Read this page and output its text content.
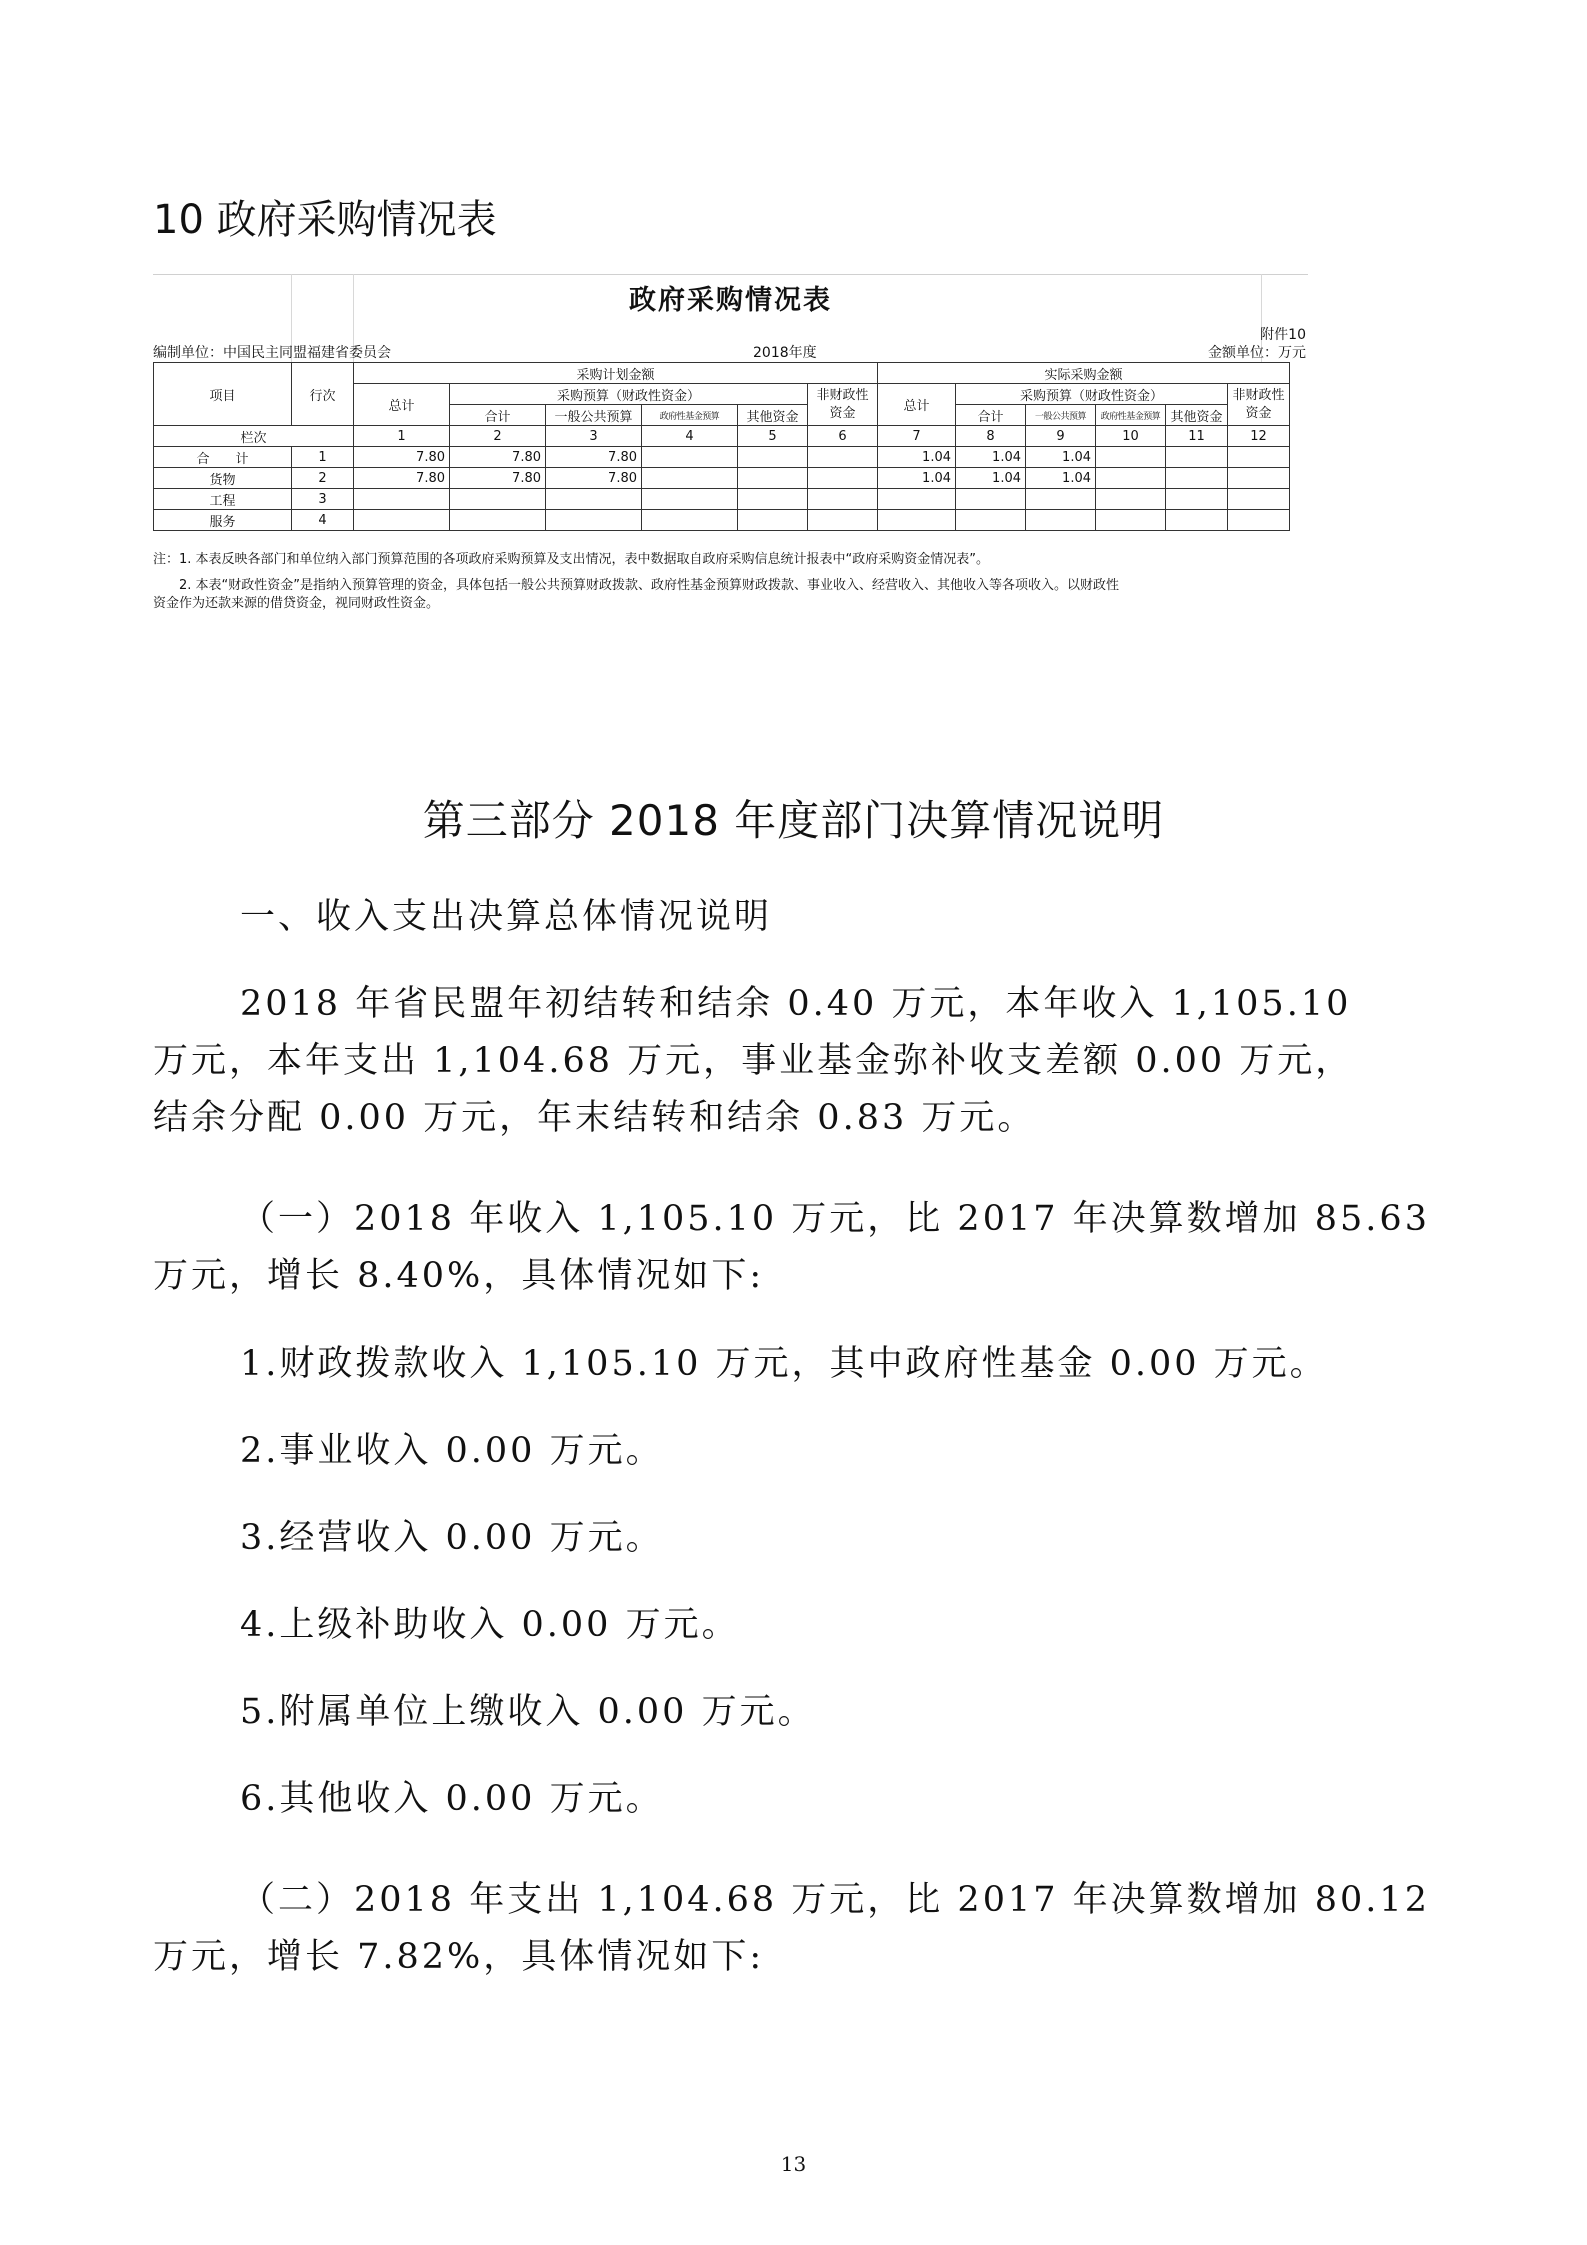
10 政府采购情况表
政府采购情况表
附件10
编制单位：中国民主同盟福建省委员会	2018年度	金额单位：万元
项目	行次	采购计划金额						实际采购金额					
		总计	采购预算（财政性资金）				非财政性资金	总计	采购预算（财政性资金）				非财政性资金
			合计	一般公共预算	政府性基金预算	其他资金			合计	一般公共预算	政府性基金预算	其他资金	
栏次		1	2	3	4	5	6	7	8	9	10	11	12
合　　计	1	7.80	7.80	7.80				1.04	1.04	1.04			
货物	2	7.80	7.80	7.80				1.04	1.04	1.04			
工程	3												
服务	4												
注：1. 本表反映各部门和单位纳入部门预算范围的各项政府采购预算及支出情况，表中数据取自政府采购信息统计报表中“政府采购资金情况表”。
　　2. 本表“财政性资金”是指纳入预算管理的资金，具体包括一般公共预算财政拨款、政府性基金预算财政拨款、事业收入、经营收入、其他收入等各项收入。以财政性
资金作为还款来源的借贷资金，视同财政性资金。
第三部分 2018 年度部门决算情况说明
一、收入支出决算总体情况说明
2018 年省民盟年初结转和结余 0.40 万元，本年收入 1,105.10
万元，本年支出 1,104.68 万元，事业基金弥补收支差额 0.00 万元，
结余分配 0.00 万元，年末结转和结余 0.83 万元。
（一）2018 年收入 1,105.10 万元，比 2017 年决算数增加 85.63
万元，增长 8.40%，具体情况如下:
1.财政拨款收入 1,105.10 万元，其中政府性基金 0.00 万元。
2.事业收入 0.00 万元。
3.经营收入 0.00 万元。
4.上级补助收入 0.00 万元。
5.附属单位上缴收入 0.00 万元。
6.其他收入 0.00 万元。
（二）2018 年支出 1,104.68 万元，比 2017 年决算数增加 80.12
万元，增长 7.82%，具体情况如下:
13
